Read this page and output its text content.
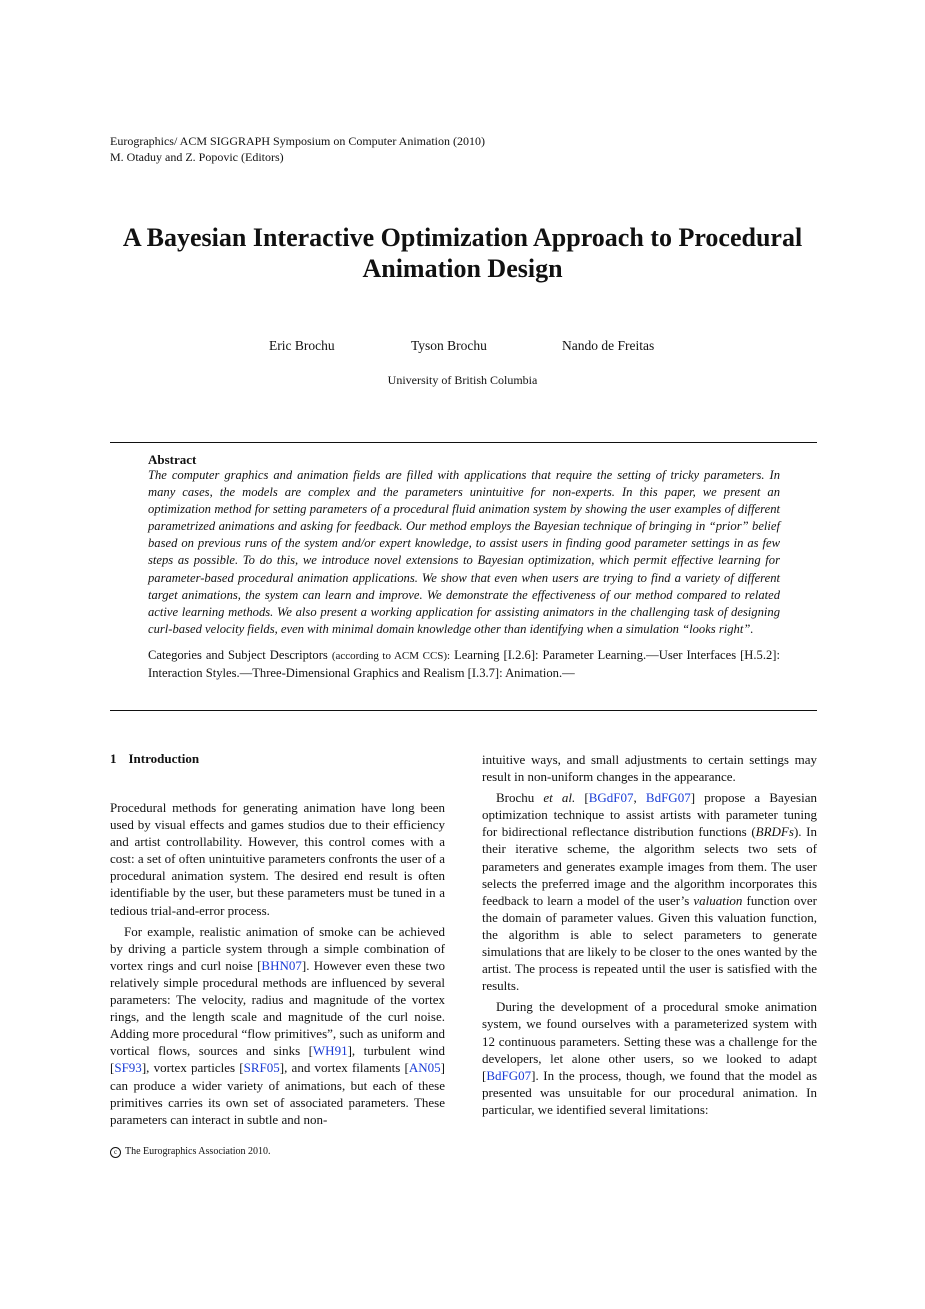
Eurographics/ ACM SIGGRAPH Symposium on Computer Animation (2010)
M. Otaduy and Z. Popovic (Editors)
A Bayesian Interactive Optimization Approach to Procedural
Animation Design
Eric Brochu	Tyson Brochu	Nando de Freitas
University of British Columbia
Abstract
The computer graphics and animation fields are filled with applications that require the setting of tricky parameters. In many cases, the models are complex and the parameters unintuitive for non-experts. In this paper, we present an optimization method for setting parameters of a procedural fluid animation system by showing the user examples of different parametrized animations and asking for feedback. Our method employs the Bayesian technique of bringing in “prior” belief based on previous runs of the system and/or expert knowledge, to assist users in finding good parameter settings in as few steps as possible. To do this, we introduce novel extensions to Bayesian optimization, which permit effective learning for parameter-based procedural animation applications. We show that even when users are trying to find a variety of different target animations, the system can learn and improve. We demonstrate the effectiveness of our method compared to related active learning methods. We also present a working application for assisting animators in the challenging task of designing curl-based velocity fields, even with minimal domain knowledge other than identifying when a simulation “looks right”.
Categories and Subject Descriptors (according to ACM CCS): Learning [I.2.6]: Parameter Learning.—User Interfaces [H.5.2]: Interaction Styles.—Three-Dimensional Graphics and Realism [I.3.7]: Animation.—
1 Introduction

Procedural methods for generating animation have long been used by visual effects and games studios due to their efficiency and artist controllability. However, this control comes with a cost: a set of often unintuitive parameters confronts the user of a procedural animation system. The desired end result is often identifiable by the user, but these parameters must be tuned in a tedious trial-and-error process.

For example, realistic animation of smoke can be achieved by driving a particle system through a simple combination of vortex rings and curl noise [BHN07]. However even these two relatively simple procedural methods are influenced by several parameters: The velocity, radius and magnitude of the vortex rings, and the length scale and magnitude of the curl noise. Adding more procedural “flow primitives”, such as uniform and vortical flows, sources and sinks [WH91], turbulent wind [SF93], vortex particles [SRF05], and vortex filaments [AN05] can produce a wider variety of animations, but each of these primitives carries its own set of associated parameters. These parameters can interact in subtle and non-

intuitive ways, and small adjustments to certain settings may result in non-uniform changes in the appearance.

Brochu et al. [BGdF07, BdFG07] propose a Bayesian optimization technique to assist artists with parameter tuning for bidirectional reflectance distribution functions (BRDFs). In their iterative scheme, the algorithm selects two sets of parameters and generates example images from them. The user selects the preferred image and the algorithm incorporates this feedback to learn a model of the user’s valuation function over the domain of parameter values. Given this valuation function, the algorithm is able to select parameters to generate simulations that are likely to be closer to the ones wanted by the artist. The process is repeated until the user is satisfied with the results.

During the development of a procedural smoke animation system, we found ourselves with a parameterized system with 12 continuous parameters. Setting these was a challenge for the developers, let alone other users, so we looked to adapt [BdFG07]. In the process, though, we found that the model as presented was unsuitable for our procedural animation. In particular, we identified several limitations:

c The Eurographics Association 2010.
